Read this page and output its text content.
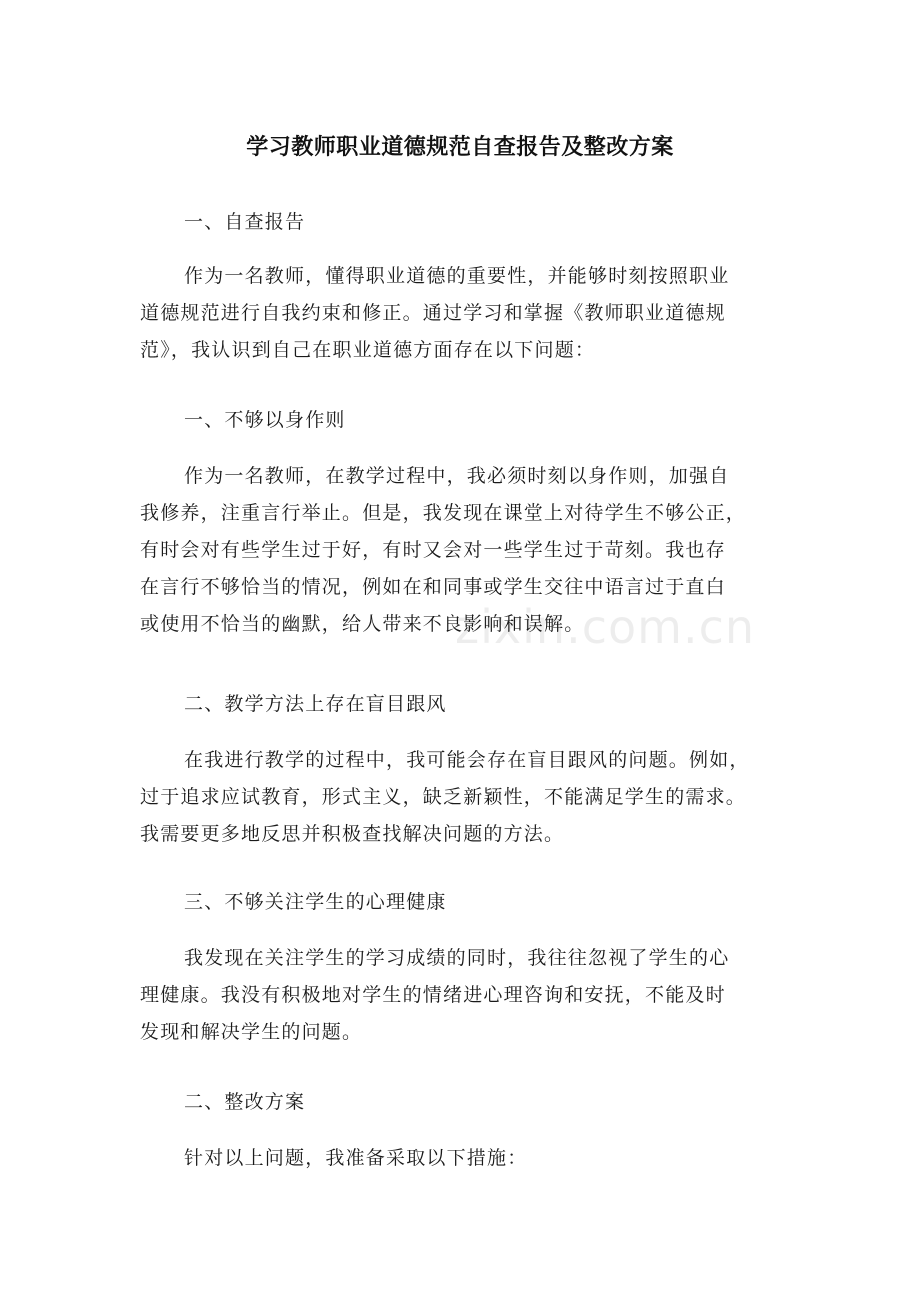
学习教师职业道德规范自查报告及整改方案
一、自查报告
作为一名教师，懂得职业道德的重要性，并能够时刻按照职业
道德规范进行自我约束和修正。通过学习和掌握《教师职业道德规
范》，我认识到自己在职业道德方面存在以下问题：
一、不够以身作则
作为一名教师，在教学过程中，我必须时刻以身作则，加强自
我修养，注重言行举止。但是，我发现在课堂上对待学生不够公正，
有时会对有些学生过于好，有时又会对一些学生过于苛刻。我也存
在言行不够恰当的情况，例如在和同事或学生交往中语言过于直白
或使用不恰当的幽默，给人带来不良影响和误解。
二、教学方法上存在盲目跟风
在我进行教学的过程中，我可能会存在盲目跟风的问题。例如，
过于追求应试教育，形式主义，缺乏新颖性，不能满足学生的需求。
我需要更多地反思并积极查找解决问题的方法。
三、不够关注学生的心理健康
我发现在关注学生的学习成绩的同时，我往往忽视了学生的心
理健康。我没有积极地对学生的情绪进心理咨询和安抚，不能及时
发现和解决学生的问题。
二、整改方案
针对以上问题，我准备采取以下措施：
zixin.com.cn
